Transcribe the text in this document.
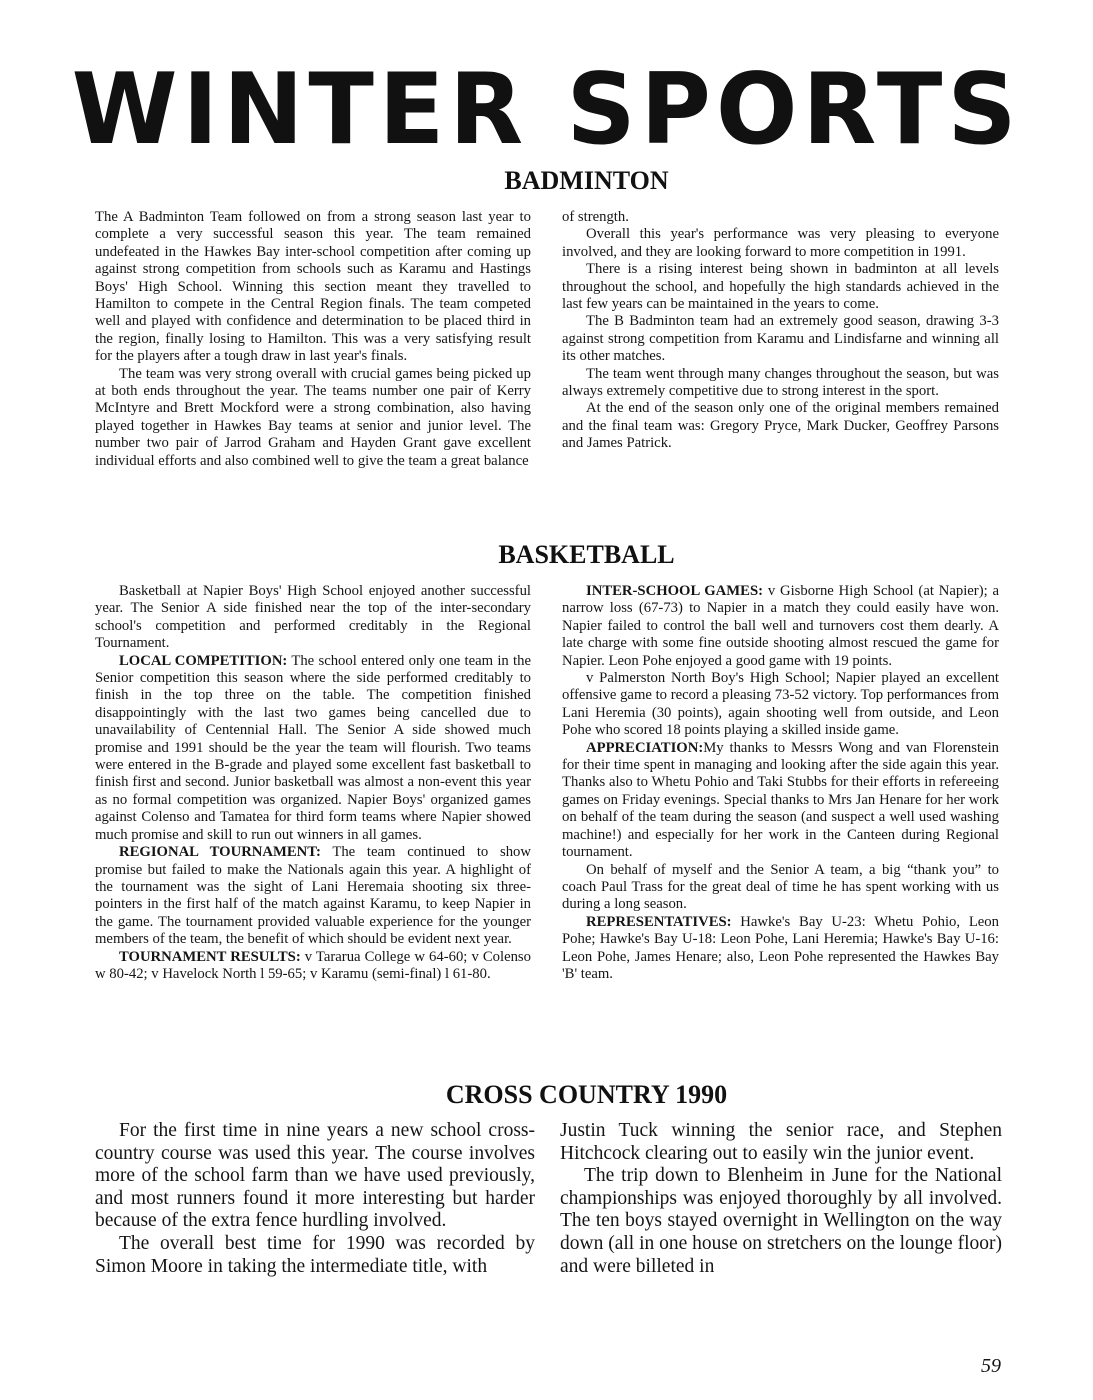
WINTER SPORTS
BADMINTON

The A Badminton Team followed on from a strong season last year to complete a very successful season this year. The team remained undefeated in the Hawkes Bay inter-school competition after coming up against strong competition from schools such as Karamu and Hastings Boys' High School. Winning this section meant they travelled to Hamilton to compete in the Central Region finals. The team competed well and played with confidence and determination to be placed third in the region, finally losing to Hamilton. This was a very satisfying result for the players after a tough draw in last year's finals.

The team was very strong overall with crucial games being picked up at both ends throughout the year. The teams number one pair of Kerry McIntyre and Brett Mockford were a strong combination, also having played together in Hawkes Bay teams at senior and junior level. The number two pair of Jarrod Graham and Hayden Grant gave excellent individual efforts and also combined well to give the team a great balance

of strength.

Overall this year's performance was very pleasing to everyone involved, and they are looking forward to more competition in 1991.

There is a rising interest being shown in badminton at all levels throughout the school, and hopefully the high standards achieved in the last few years can be maintained in the years to come.

The B Badminton team had an extremely good season, drawing 3-3 against strong competition from Karamu and Lindisfarne and winning all its other matches.

The team went through many changes throughout the season, but was always extremely competitive due to strong interest in the sport.

At the end of the season only one of the original members remained and the final team was: Gregory Pryce, Mark Ducker, Geoffrey Parsons and James Patrick.

BASKETBALL

Basketball at Napier Boys' High School enjoyed another successful year. The Senior A side finished near the top of the inter-secondary school's competition and performed creditably in the Regional Tournament.

LOCAL COMPETITION: The school entered only one team in the Senior competition this season where the side performed creditably to finish in the top three on the table. The competition finished disappointingly with the last two games being cancelled due to unavailability of Centennial Hall. The Senior A side showed much promise and 1991 should be the year the team will flourish. Two teams were entered in the B-grade and played some excellent fast basketball to finish first and second. Junior basketball was almost a non-event this year as no formal competition was organized. Napier Boys' organized games against Colenso and Tamatea for third form teams where Napier showed much promise and skill to run out winners in all games.

REGIONAL TOURNAMENT: The team continued to show promise but failed to make the Nationals again this year. A highlight of the tournament was the sight of Lani Heremaia shooting six three-pointers in the first half of the match against Karamu, to keep Napier in the game. The tournament provided valuable experience for the younger members of the team, the benefit of which should be evident next year.

TOURNAMENT RESULTS: v Tararua College w 64-60; v Colenso w 80-42; v Havelock North l 59-65; v Karamu (semi-final) l 61-80.

INTER-SCHOOL GAMES: v Gisborne High School (at Napier); a narrow loss (67-73) to Napier in a match they could easily have won. Napier failed to control the ball well and turnovers cost them dearly. A late charge with some fine outside shooting almost rescued the game for Napier. Leon Pohe enjoyed a good game with 19 points.

v Palmerston North Boy's High School; Napier played an excellent offensive game to record a pleasing 73-52 victory. Top performances from Lani Heremia (30 points), again shooting well from outside, and Leon Pohe who scored 18 points playing a skilled inside game.

APPRECIATION:My thanks to Messrs Wong and van Florenstein for their time spent in managing and looking after the side again this year. Thanks also to Whetu Pohio and Taki Stubbs for their efforts in refereeing games on Friday evenings. Special thanks to Mrs Jan Henare for her work on behalf of the team during the season (and suspect a well used washing machine!) and especially for her work in the Canteen during Regional tournament.

On behalf of myself and the Senior A team, a big “thank you” to coach Paul Trass for the great deal of time he has spent working with us during a long season.

REPRESENTATIVES: Hawke's Bay U-23: Whetu Pohio, Leon Pohe; Hawke's Bay U-18: Leon Pohe, Lani Heremia; Hawke's Bay U-16: Leon Pohe, James Henare; also, Leon Pohe represented the Hawkes Bay 'B' team.

CROSS COUNTRY 1990

For the first time in nine years a new school cross-country course was used this year. The course involves more of the school farm than we have used previously, and most runners found it more interesting but harder because of the extra fence hurdling involved.

The overall best time for 1990 was recorded by Simon Moore in taking the intermediate title, with

Justin Tuck winning the senior race, and Stephen Hitchcock clearing out to easily win the junior event.

The trip down to Blenheim in June for the National championships was enjoyed thoroughly by all involved. The ten boys stayed overnight in Wellington on the way down (all in one house on stretchers on the lounge floor) and were billeted in

59
